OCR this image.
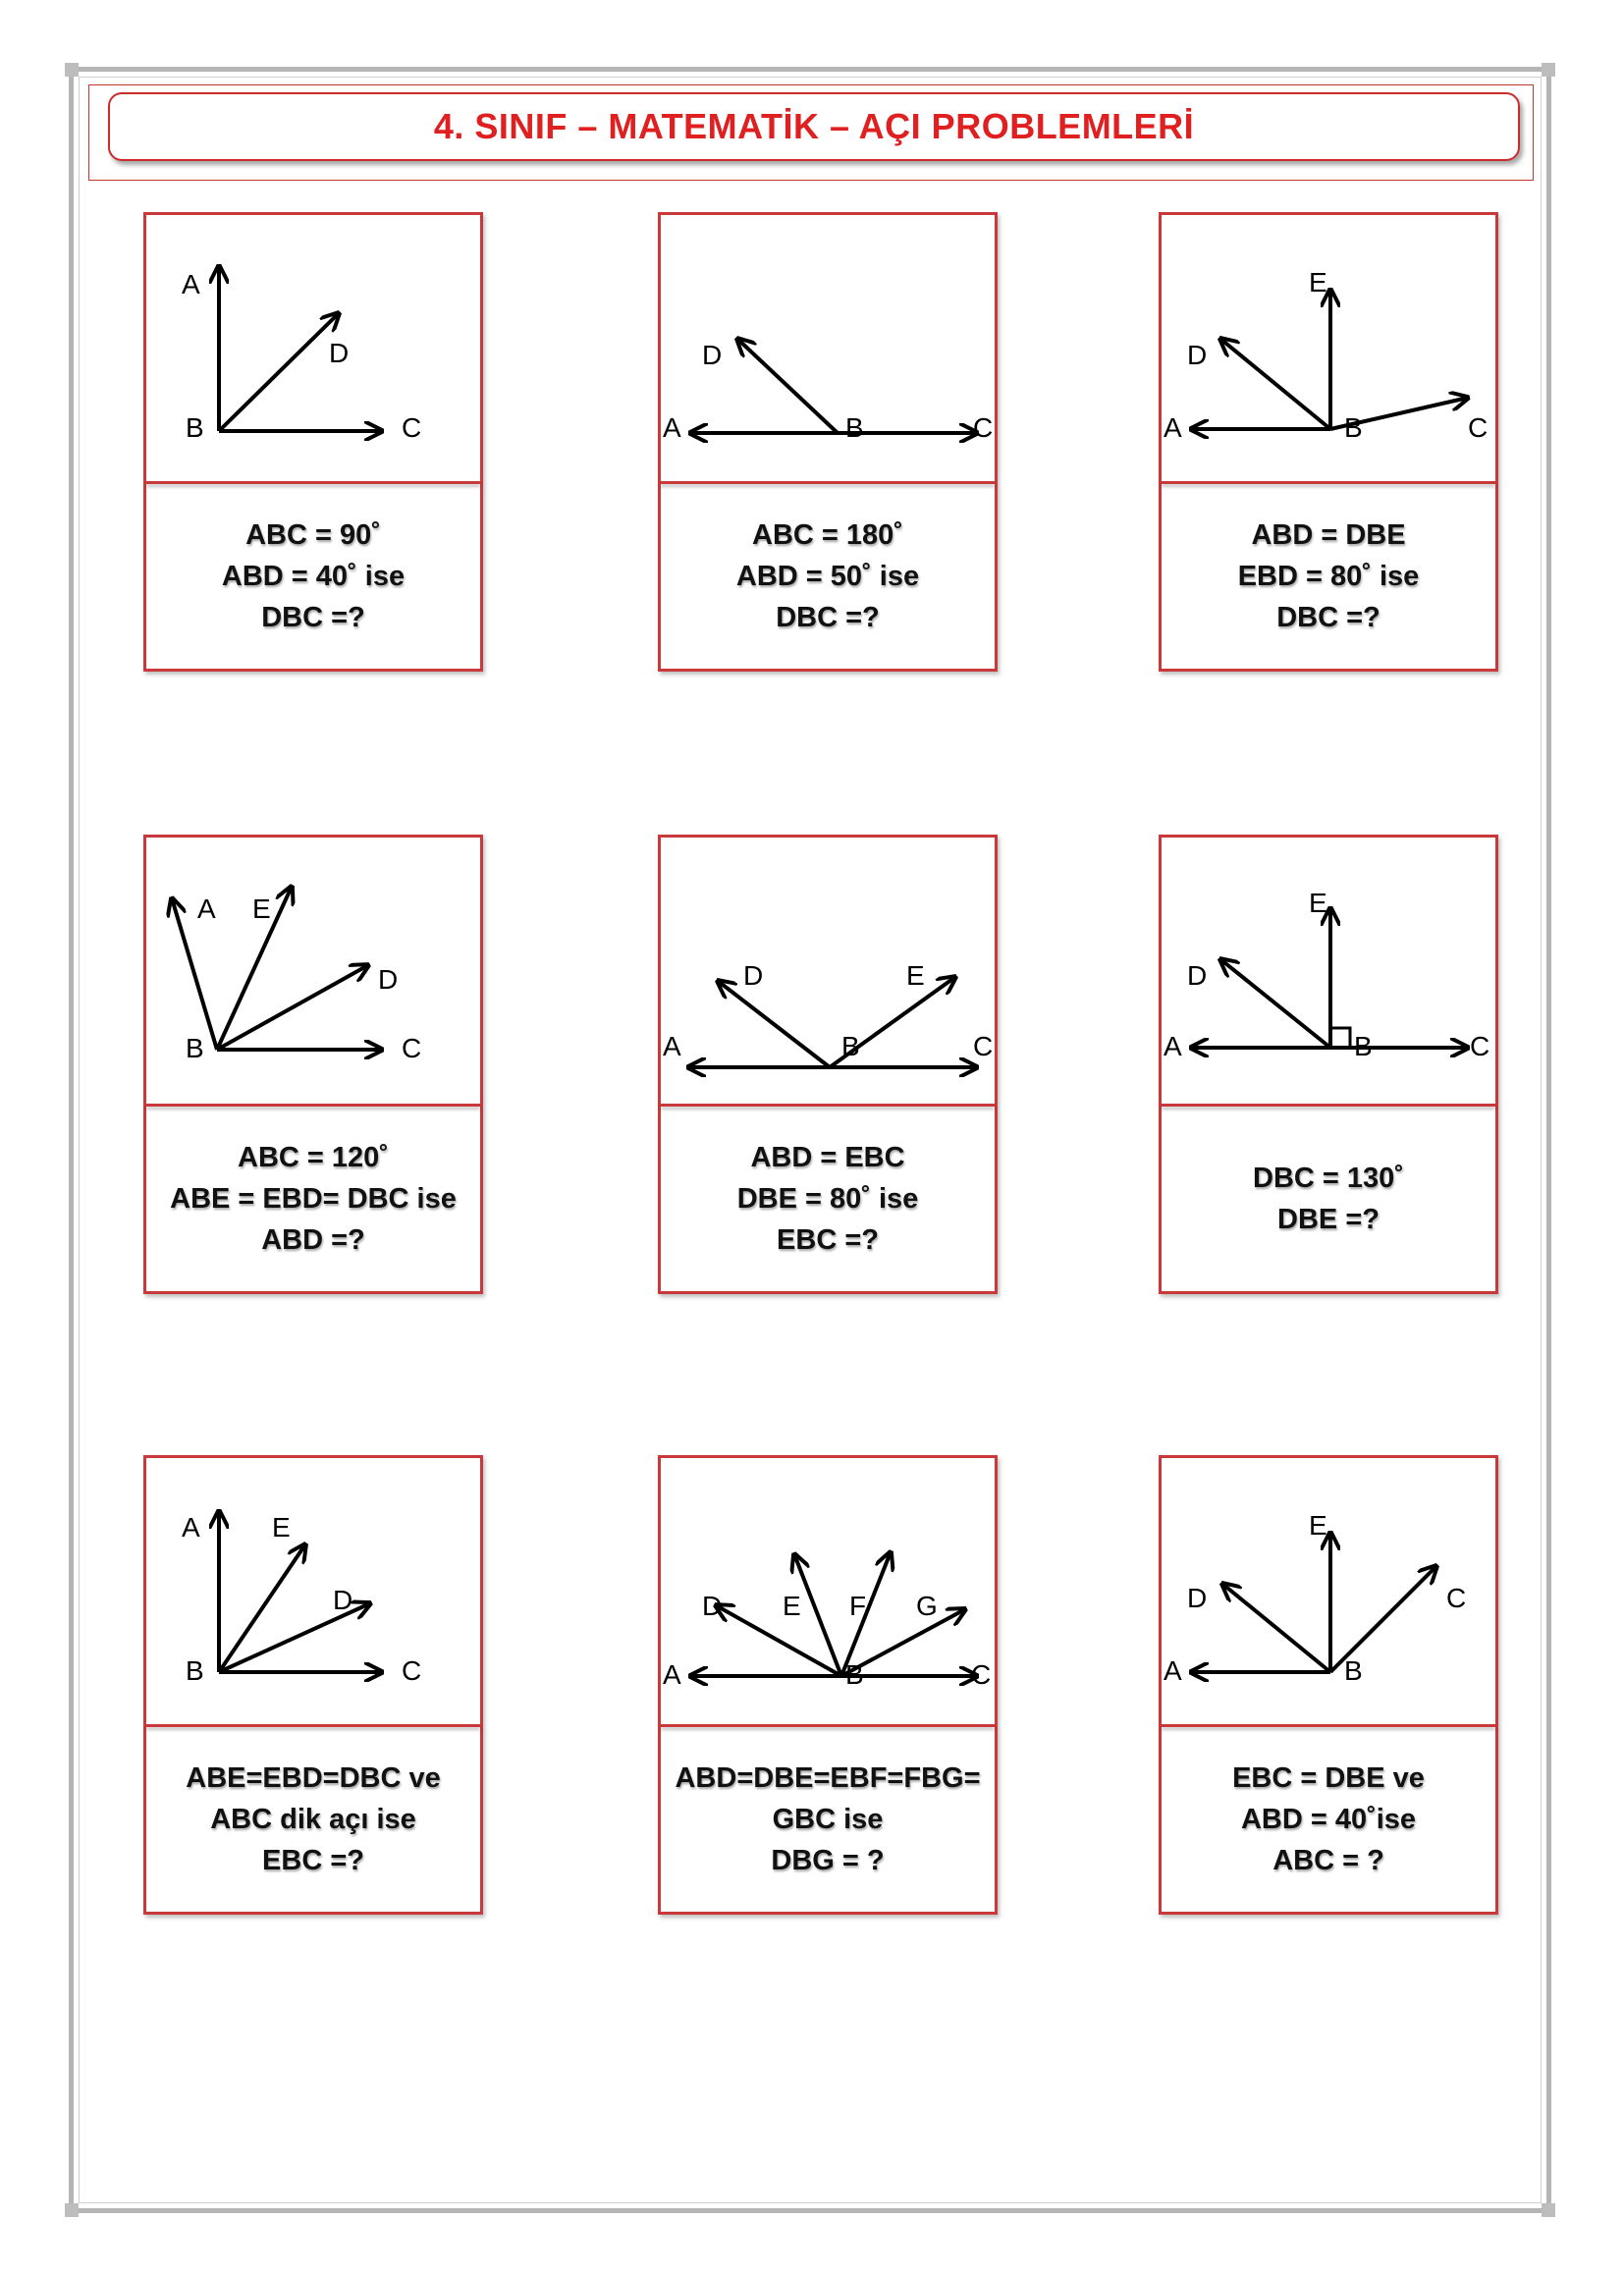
4. SINIF – MATEMATİK – AÇI PROBLEMLERİ
A
D
B	C
ABC = 90˚
ABD = 40˚ ise
DBC =?
D
A	B	C
ABC = 180˚
ABD = 50˚ ise
DBC =?
E
D
A	B	C
ABD = DBE
EBD = 80˚ ise
DBC =?
A E
D
B	C
ABC = 120˚
ABE = EBD= DBC ise
ABD =?
D	E
A	B	C
ABD = EBC
DBE = 80˚ ise
EBC =?
E
D
A	B	C
DBC = 130˚
DBE =?
A	E
D
B	C
ABE=EBD=DBC ve
ABC dik açı ise
EBC =?
D E F G
A	B	C
ABD=DBE=EBF=FBG=
GBC ise
DBG = ?
E
D	C
A	B
EBC = DBE ve
ABD = 40˚ise
ABC = ?
